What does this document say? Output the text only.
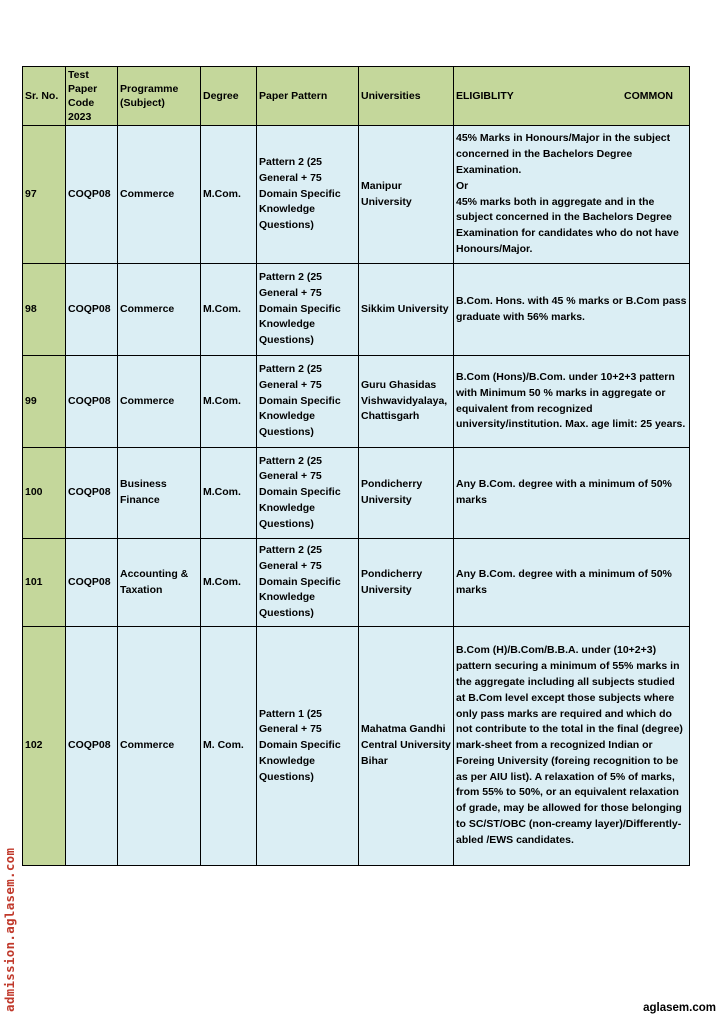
Sr. No.	Test Paper Code 2023	Programme (Subject)	Degree	Paper Pattern	Universities	ELIGIBLITY COMMON

97	COQP08	Commerce	M.Com.	Pattern 2 (25 General + 75 Domain Specific Knowledge Questions)	Manipur University	45% Marks in Honours/Major in the subject concerned in the Bachelors Degree Examination.
Or
45% marks both in aggregate and in the subject concerned in the Bachelors Degree Examination for candidates who do not have Honours/Major.
98	COQP08	Commerce	M.Com.	Pattern 2 (25 General + 75 Domain Specific Knowledge Questions)	Sikkim University	B.Com. Hons. with 45 % marks or B.Com pass graduate with 56% marks.
99	COQP08	Commerce	M.Com.	Pattern 2 (25 General + 75 Domain Specific Knowledge Questions)	Guru Ghasidas Vishwavidyalaya, Chattisgarh	B.Com (Hons)/B.Com. under 10+2+3 pattern with Minimum 50 % marks in aggregate or equivalent from recognized university/institution. Max. age limit: 25 years.
100	COQP08	Business Finance	M.Com.	Pattern 2 (25 General + 75 Domain Specific Knowledge Questions)	Pondicherry University	Any B.Com. degree with a minimum of 50% marks
101	COQP08	Accounting & Taxation	M.Com.	Pattern 2 (25 General + 75 Domain Specific Knowledge Questions)	Pondicherry University	Any B.Com. degree with a minimum of 50% marks
102	COQP08	Commerce	M. Com.	Pattern 1 (25 General + 75 Domain Specific Knowledge Questions)	Mahatma Gandhi Central University Bihar	B.Com (H)/B.Com/B.B.A. under (10+2+3) pattern securing a minimum of 55% marks in the aggregate including all subjects studied at B.Com level except those subjects where only pass marks are required and which do not contribute to the total in the final (degree) mark-sheet from a recognized Indian or Foreing University (foreing recognition to be as per AIU list). A relaxation of 5% of marks, from 55% to 50%, or an equivalent relaxation of grade, may be allowed for those belonging to SC/ST/OBC (non-creamy layer)/Differently-abled /EWS candidates.
admission.aglasem.com	aglasem.com
